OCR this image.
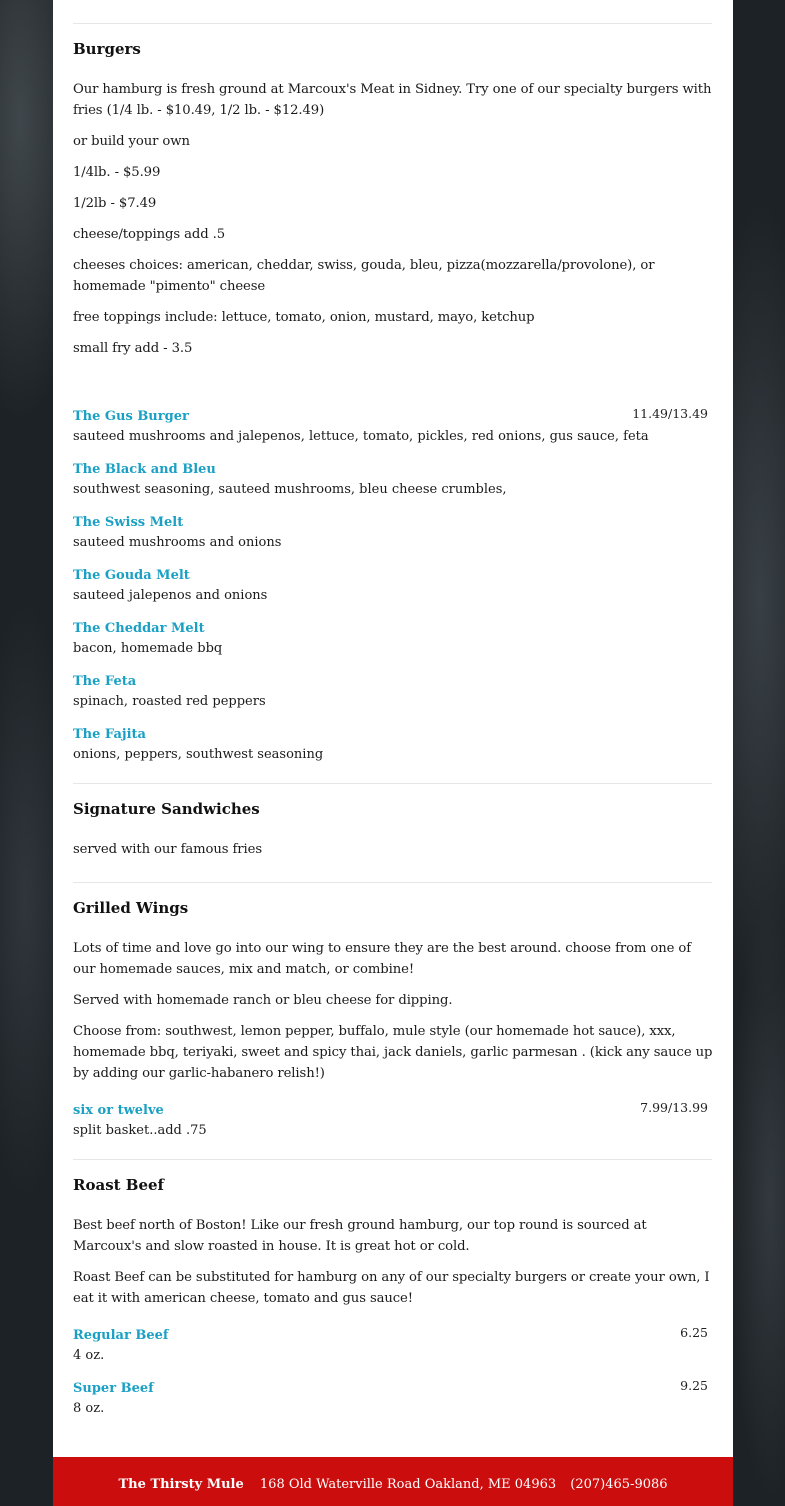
Burgers
Our hamburg is fresh ground at Marcoux's Meat in Sidney. Try one of our specialty burgers with fries (1/4 lb. - $10.49, 1/2 lb. - $12.49)
or build your own
1/4lb. - $5.99
1/2lb - $7.49
cheese/toppings add .5
cheeses choices: american, cheddar, swiss, gouda, bleu, pizza(mozzarella/provolone), or homemade "pimento" cheese
free toppings include: lettuce, tomato, onion, mustard, mayo, ketchup
small fry add - 3.5
The Gus Burger	11.49/13.49
sauteed mushrooms and jalepenos, lettuce, tomato, pickles, red onions, gus sauce, feta
The Black and Bleu
southwest seasoning, sauteed mushrooms, bleu cheese crumbles,
The Swiss Melt
sauteed mushrooms and onions
The Gouda Melt
sauteed jalepenos and onions
The Cheddar Melt
bacon, homemade bbq
The Feta
spinach, roasted red peppers
The Fajita
onions, peppers, southwest seasoning
Signature Sandwiches
served with our famous fries
Grilled Wings
Lots of time and love go into our wing to ensure they are the best around. choose from one of our homemade sauces, mix and match, or combine!
Served with homemade ranch or bleu cheese for dipping.
Choose from: southwest, lemon pepper, buffalo, mule style (our homemade hot sauce), xxx, homemade bbq, teriyaki, sweet and spicy thai, jack daniels, garlic parmesan . (kick any sauce up by adding our garlic-habanero relish!)
six or twelve	7.99/13.99
split basket..add .75
Roast Beef
Best beef north of Boston! Like our fresh ground hamburg, our top round is sourced at Marcoux's and slow roasted in house. It is great hot or cold.
Roast Beef can be substituted for hamburg on any of our specialty burgers or create your own, I eat it with american cheese, tomato and gus sauce!
Regular Beef	6.25
4 oz.
Super Beef	9.25
8 oz.
The Thirsty Mule 168 Old Waterville Road Oakland, ME 04963 (207)465-9086
